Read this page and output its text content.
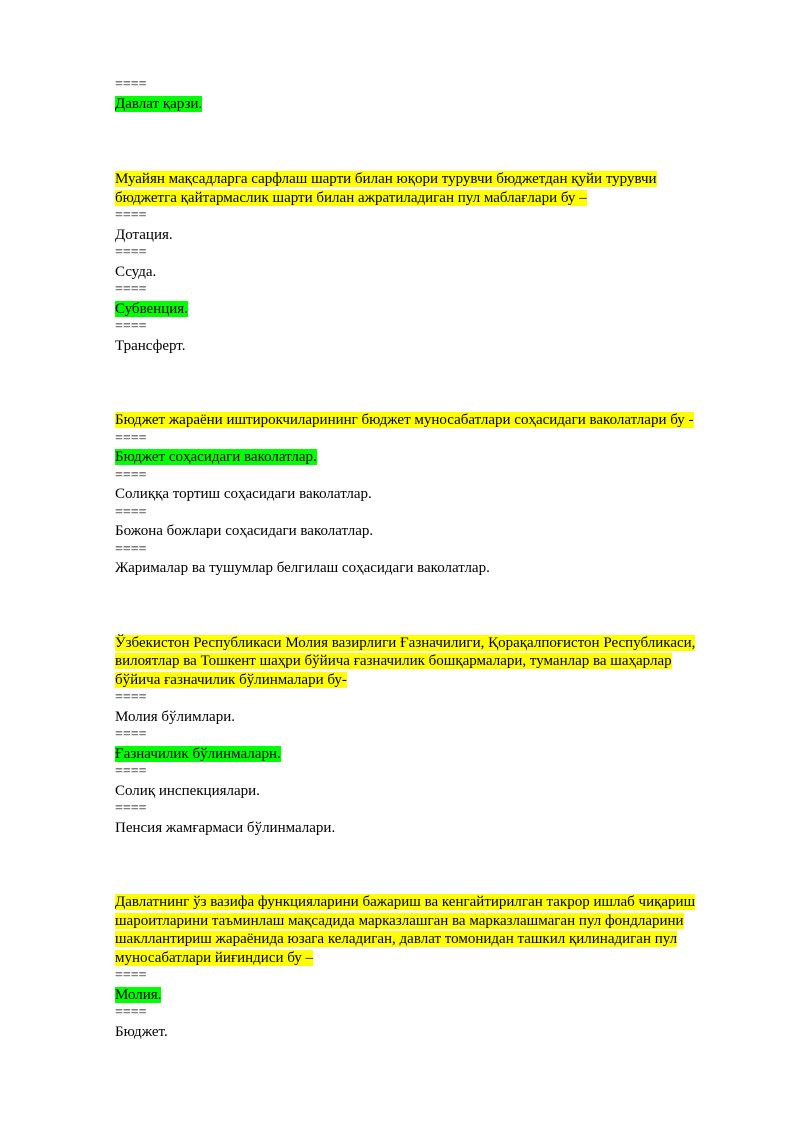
====
Давлат қарзи.
Муайян мақсадларга сарфлаш шарти билан юқори турувчи бюджетдан қуйи турувчи
бюджетга қайтармаслик шарти билан ажратиладиган пул маблағлари бу –
====
Дотация.
====
Ссуда.
====
Субвенция.
====
Трансферт.
Бюджет жараёни иштирокчиларининг бюджет муносабатлари соҳасидаги ваколатлари бу -
====
Бюджет соҳасидаги ваколатлар.
====
Солиққа тортиш соҳасидаги ваколатлар.
====
Божона божлари соҳасидаги ваколатлар.
====
Жарималар ва тушумлар белгилаш соҳасидаги ваколатлар.
Ўзбекистон Республикаси Молия вазирлиги Ғазначилиги, Қорақалпоғистон Республикаси,
вилоятлар ва Тошкент шаҳри бўйича ғазначилик бошқармалари, туманлар ва шаҳарлар
бўйича ғазначилик бўлинмалари бу-
====
Молия бўлимлари.
====
Ғазначилик бўлинмаларн.
====
Солиқ инспекциялари.
====
Пенсия жамғармаси бўлинмалари.
Давлатнинг ўз вазифа функцияларини бажариш ва кенгайтирилган такрор ишлаб чиқариш
шароитларини таъминлаш мақсадида марказлашган ва марказлашмаган пул фондларини
шакллантириш жараёнида юзага келадиган, давлат томонидан ташкил қилинадиган пул
муносабатлари йиғиндиси бу –
====
Молия.
====
Бюджет.
